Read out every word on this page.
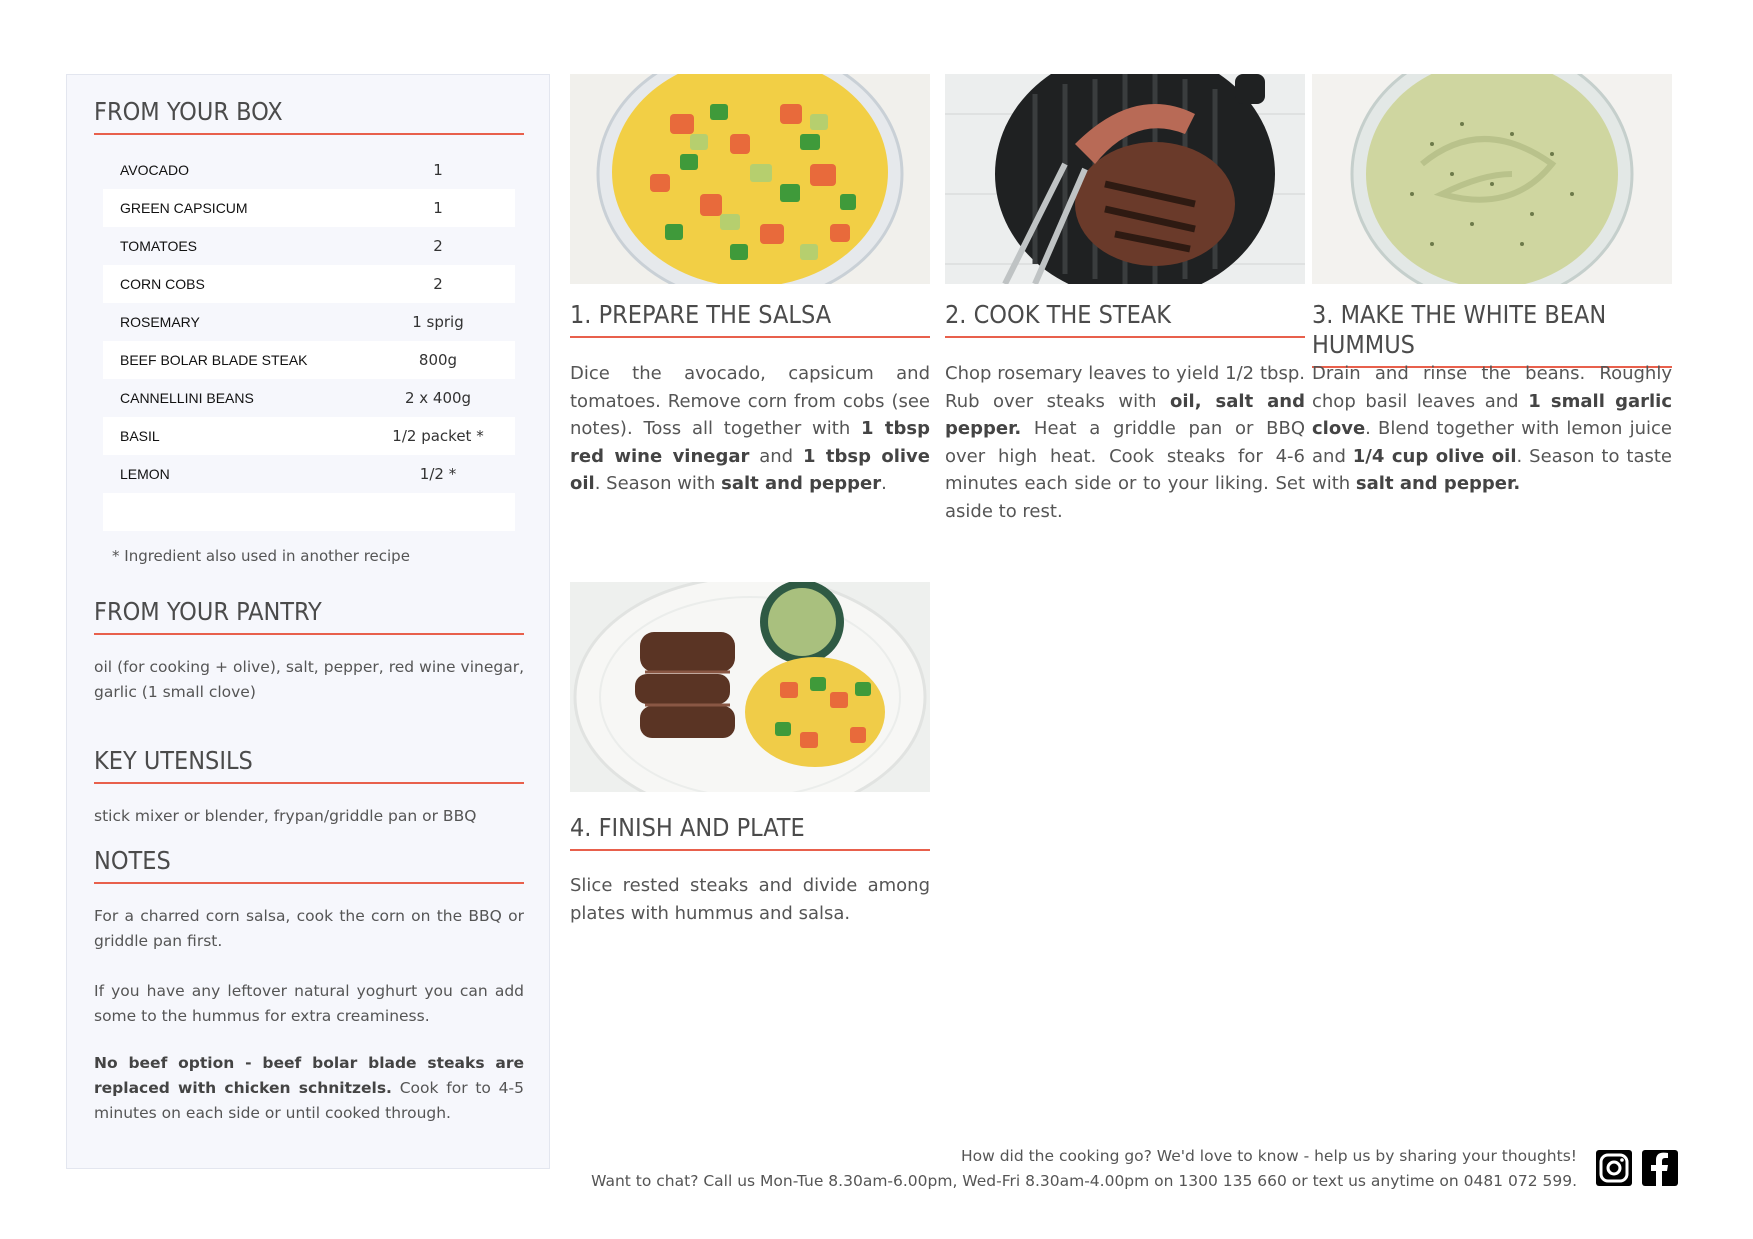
FROM YOUR BOX
AVOCADO	1
GREEN CAPSICUM	1
TOMATOES	2
CORN COBS	2
ROSEMARY	1 sprig
BEEF BOLAR BLADE STEAK	800g
CANNELLINI BEANS	2 x 400g
BASIL	1/2 packet *
LEMON	1/2 *
* Ingredient also used in another recipe
FROM YOUR PANTRY
oil (for cooking + olive), salt, pepper, red wine vinegar, garlic (1 small clove)
KEY UTENSILS
stick mixer or blender, frypan/griddle pan or BBQ
NOTES
For a charred corn salsa, cook the corn on the BBQ or griddle pan first.
If you have any leftover natural yoghurt you can add some to the hummus for extra creaminess.
No beef option - beef bolar blade steaks are replaced with chicken schnitzels. Cook for to 4-5 minutes on each side or until cooked through.
1. PREPARE THE SALSA
Dice the avocado, capsicum and tomatoes. Remove corn from cobs (see notes). Toss all together with 1 tbsp red wine vinegar and 1 tbsp olive oil. Season with salt and pepper.
2. COOK THE STEAK
Chop rosemary leaves to yield 1/2 tbsp. Rub over steaks with oil, salt and pepper. Heat a griddle pan or BBQ over high heat. Cook steaks for 4-6 minutes each side or to your liking. Set aside to rest.
3. MAKE THE WHITE BEAN HUMMUS
Drain and rinse the beans. Roughly chop basil leaves and 1 small garlic clove. Blend together with lemon juice and 1/4 cup olive oil. Season to taste with salt and pepper.
4. FINISH AND PLATE
Slice rested steaks and divide among plates with hummus and salsa.
How did the cooking go? We'd love to know - help us by sharing your thoughts!
Want to chat? Call us Mon-Tue 8.30am-6.00pm, Wed-Fri 8.30am-4.00pm on 1300 135 660 or text us anytime on 0481 072 599.
